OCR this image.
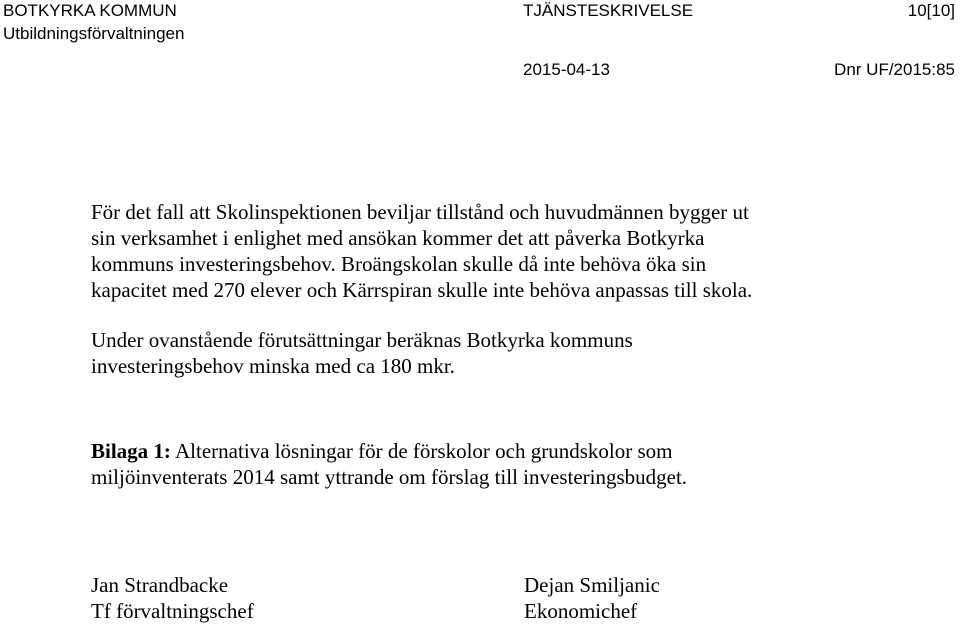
BOTKYRKA KOMMUN
Utbildningsförvaltningen
TJÄNSTESKRIVELSE	10[10]
2015-04-13	Dnr UF/2015:85

För det fall att Skolinspektionen beviljar tillstånd och huvudmännen bygger ut
sin verksamhet i enlighet med ansökan kommer det att påverka Botkyrka
kommuns investeringsbehov. Broängskolan skulle då inte behöva öka sin
kapacitet med 270 elever och Kärrspiran skulle inte behöva anpassas till skola.

Under ovanstående förutsättningar beräknas Botkyrka kommuns
investeringsbehov minska med ca 180 mkr.

Bilaga 1: Alternativa lösningar för de förskolor och grundskolor som
miljöinventerats 2014 samt yttrande om förslag till investeringsbudget.

Jan Strandbacke
Tf förvaltningschef
Dejan Smiljanic
Ekonomichef
